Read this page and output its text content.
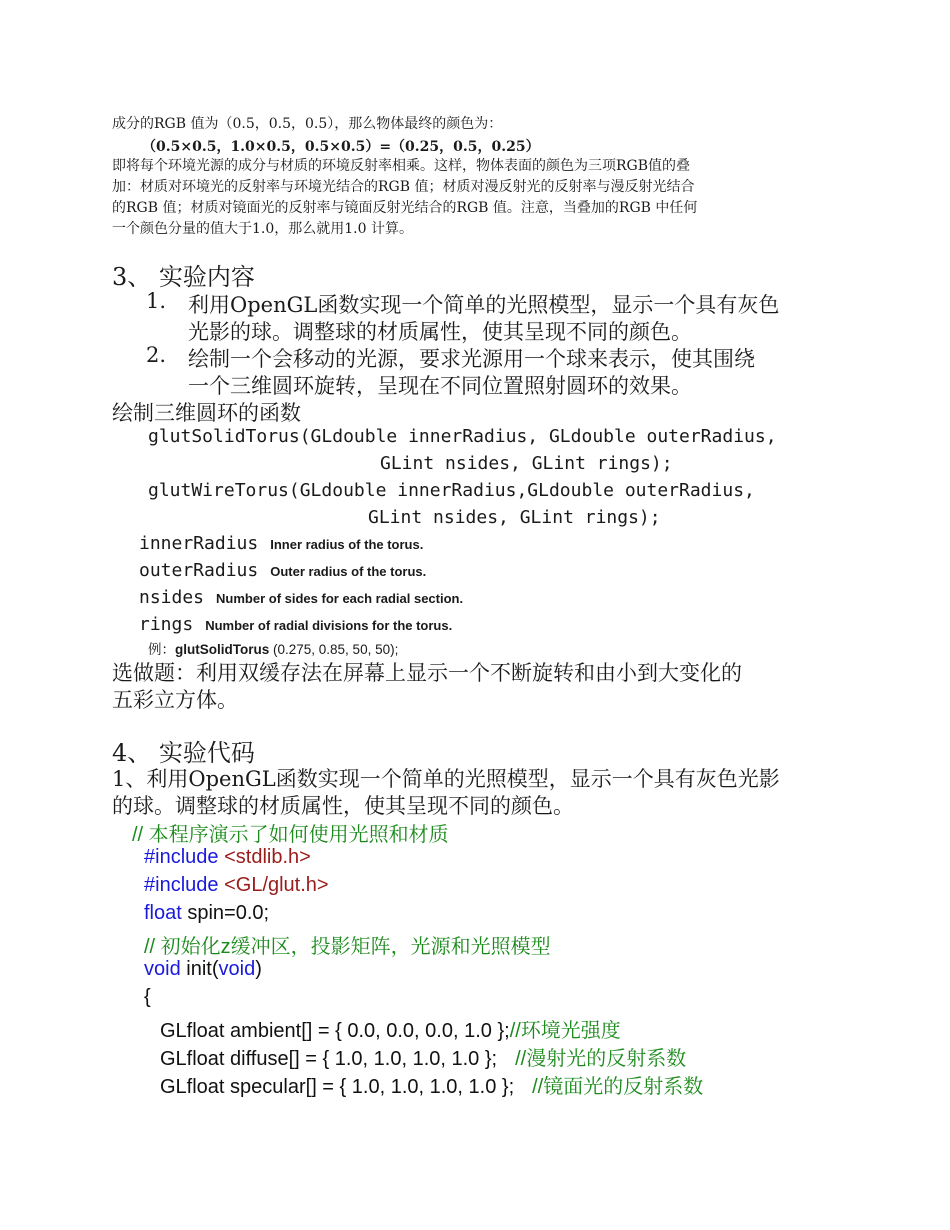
成分的RGB 值为（0.5，0.5，0.5），那么物体最终的颜色为：
（0.5×0.5，1.0×0.5，0.5×0.5）=（0.25，0.5，0.25）
即将每个环境光源的成分与材质的环境反射率相乘。这样，物体表面的颜色为三项RGB值的叠
加：材质对环境光的反射率与环境光结合的RGB 值；材质对漫反射光的反射率与漫反射光结合
的RGB 值；材质对镜面光的反射率与镜面反射光结合的RGB 值。注意，当叠加的RGB 中任何
一个颜色分量的值大于1.0，那么就用1.0 计算。
3、 实验内容
1. 利用OpenGL函数实现一个简单的光照模型，显示一个具有灰色
光影的球。调整球的材质属性，使其呈现不同的颜色。
2. 绘制一个会移动的光源，要求光源用一个球来表示，使其围绕
一个三维圆环旋转，呈现在不同位置照射圆环的效果。
绘制三维圆环的函数
glutSolidTorus(GLdouble innerRadius, GLdouble outerRadius,
GLint nsides, GLint rings);
glutWireTorus(GLdouble innerRadius,GLdouble outerRadius,
GLint nsides, GLint rings);
innerRadius Inner radius of the torus.
outerRadius Outer radius of the torus.
nsides Number of sides for each radial section.
rings Number of radial divisions for the torus.
例：glutSolidTorus (0.275, 0.85, 50, 50);
选做题：利用双缓存法在屏幕上显示一个不断旋转和由小到大变化的
五彩立方体。
4、 实验代码
1、利用OpenGL函数实现一个简单的光照模型，显示一个具有灰色光影
的球。调整球的材质属性，使其呈现不同的颜色。
// 本程序演示了如何使用光照和材质
#include <stdlib.h>
#include <GL/glut.h>
float spin=0.0;
// 初始化z缓冲区，投影矩阵，光源和光照模型
void init(void)
{
GLfloat ambient[] = { 0.0, 0.0, 0.0, 1.0 };//环境光强度
GLfloat diffuse[] = { 1.0, 1.0, 1.0, 1.0 }; //漫射光的反射系数
GLfloat specular[] = { 1.0, 1.0, 1.0, 1.0 }; //镜面光的反射系数
